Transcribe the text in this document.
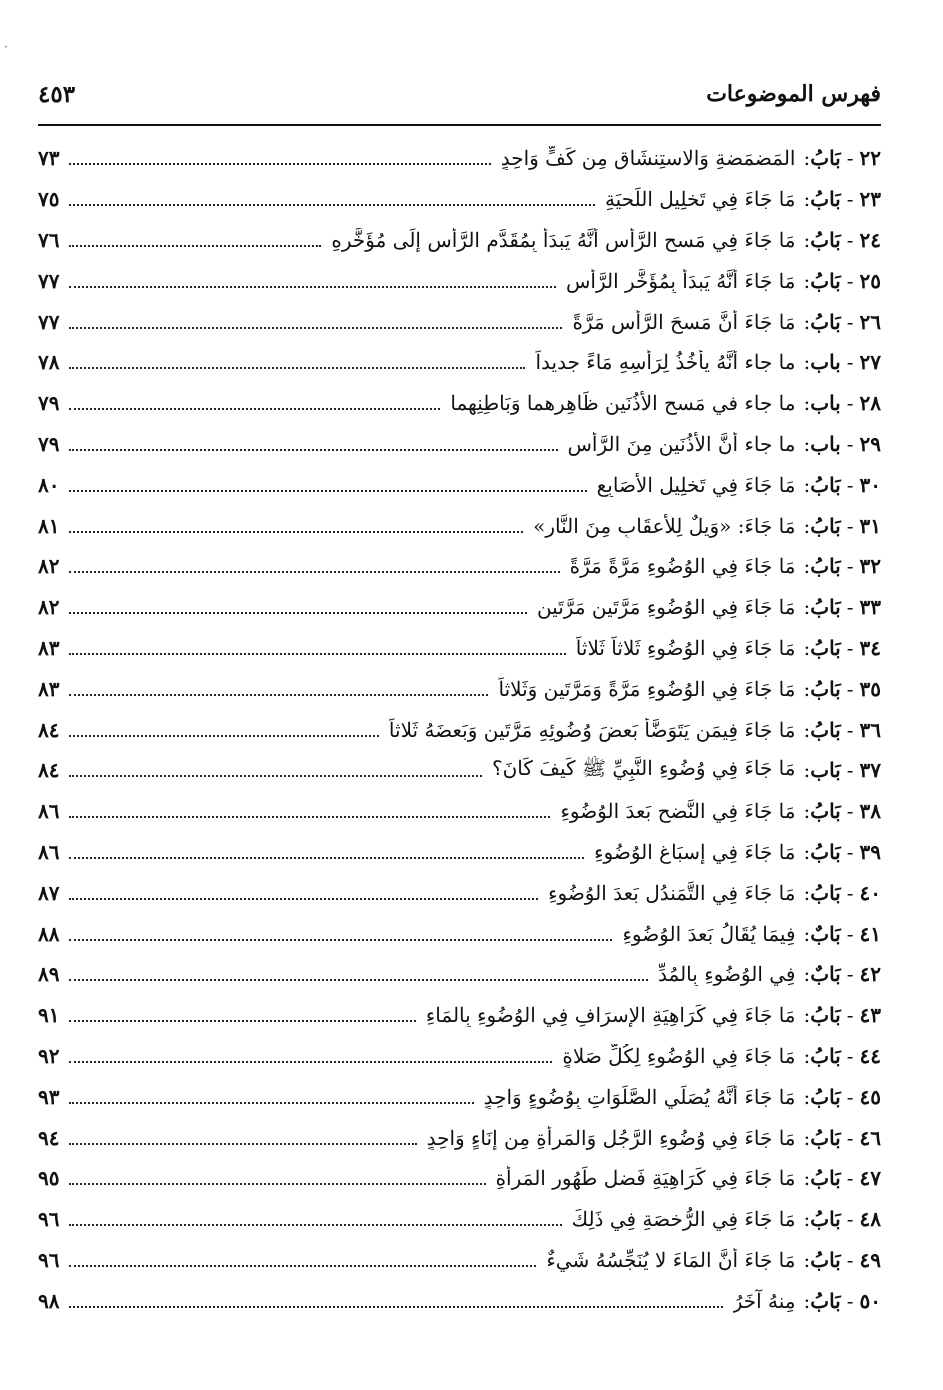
·
فهرس الموضوعات
٤٥٣
٢٢
-
بَابُ
:
المَضمَضةِ وَالاستِنشَاقِ مِن كَفٍّ وَاحِدٍ
٧٣
٢٣
-
بَابُ
:
مَا جَاءَ فِي تَخلِيلِ اللِّحيَةِ
٧٥
٢٤
-
بَابُ
:
مَا جَاءَ فِي مَسحِ الرَّأسِ أَنَّهُ يَبدَأُ بِمُقَدَّمِ الرَّأسِ إِلَى مُؤَخَّرِهِ
٧٦
٢٥
-
بَابُ
:
مَا جَاءَ أَنَّهُ يَبدَأُ بِمُؤَخَّرِ الرَّأسِ
٧٧
٢٦
-
بَابُ
:
مَا جَاءَ أَنَّ مَسحَ الرَّأسِ مَرَّةً
٧٧
٢٧
-
باب
:
ما جاء أنَّهُ يأخُذُ لِرَأسِهِ مَاءً جديداً
٧٨
٢٨
-
باب
:
ما جاء في مَسحِ الأُذُنَينِ ظَاهِرِهما وَبَاطِنِهِما
٧٩
٢٩
-
باب
:
ما جاء أنَّ الأُذُنَينِ مِنَ الرَّأسِ
٧٩
٣٠
-
بَابُ
:
مَا جَاءَ فِي تَخلِيلِ الأَصَابِعِ
٨٠
٣١
-
بَابُ
:
مَا جَاءَ: «وَيلٌ لِلأَعقَابِ مِنَ النَّارِ»
٨١
٣٢
-
بَابُ
:
مَا جَاءَ فِي الوُضُوءِ مَرَّةً مَرَّةً
٨٢
٣٣
-
بَابُ
:
مَا جَاءَ فِي الوُضُوءِ مَرَّتَينِ مَرَّتَينِ
٨٢
٣٤
-
بَابُ
:
مَا جَاءَ فِي الوُضُوءِ ثَلاثاً ثَلاثاً
٨٣
٣٥
-
بَابُ
:
مَا جَاءَ فِي الوُضُوءِ مَرَّةً وَمَرَّتَينِ وَثَلاثاً
٨٣
٣٦
-
بَابُ
:
مَا جَاءَ فِيمَن يَتَوَضَّأُ بَعضَ وُضُوئِهِ مَرَّتَينِ وَبَعضَهُ ثَلاثاً
٨٤
٣٧
-
بَاب
:
مَا جَاءَ فِي وُضُوءِ النَّبِيِّ ﷺ كَيفَ كَانَ؟
٨٤
٣٨
-
بَابُ
:
مَا جَاءَ فِي النَّضحِ بَعدَ الوُضُوءِ
٨٦
٣٩
-
بَابُ
:
مَا جَاءَ فِي إِسبَاغِ الوُضُوءِ
٨٦
٤٠
-
بَابُ
:
مَا جَاءَ فِي التَّمَندُلِ بَعدَ الوُضُوءِ
٨٧
٤١
-
بَابٌ
:
فِيمَا يُقَالُ بَعدَ الوُضُوءِ
٨٨
٤٢
-
بَابٌ
:
فِي الوُضُوءِ بِالمُدِّ
٨٩
٤٣
-
بَابُ
:
مَا جَاءَ فِي كَرَاهِيَةِ الإِسرَافِ فِي الوُضُوءِ بِالمَاءِ
٩١
٤٤
-
بَابُ
:
مَا جَاءَ فِي الوُضُوءِ لِكُلِّ صَلاةٍ
٩٢
٤٥
-
بَابُ
:
مَا جَاءَ أَنَّهُ يُصَلِّي الصَّلَوَاتِ بِوُضُوءٍ وَاحِدٍ
٩٣
٤٦
-
بَابُ
:
مَا جَاءَ فِي وُضُوءِ الرَّجُلِ وَالمَرأَةِ مِن إِنَاءٍ وَاحِدٍ
٩٤
٤٧
-
بَابُ
:
مَا جَاءَ فِي كَرَاهِيَةِ فَضلِ طَهُورِ المَرأَةِ
٩٥
٤٨
-
بَابُ
:
مَا جَاءَ فِي الرُّخصَةِ فِي ذَلِكَ
٩٦
٤٩
-
بَابُ
:
مَا جَاءَ أَنَّ المَاءَ لا يُنَجِّسُهُ شَيءٌ
٩٦
٥٠
-
بَابُ
:
مِنهُ آخَرُ
٩٨
